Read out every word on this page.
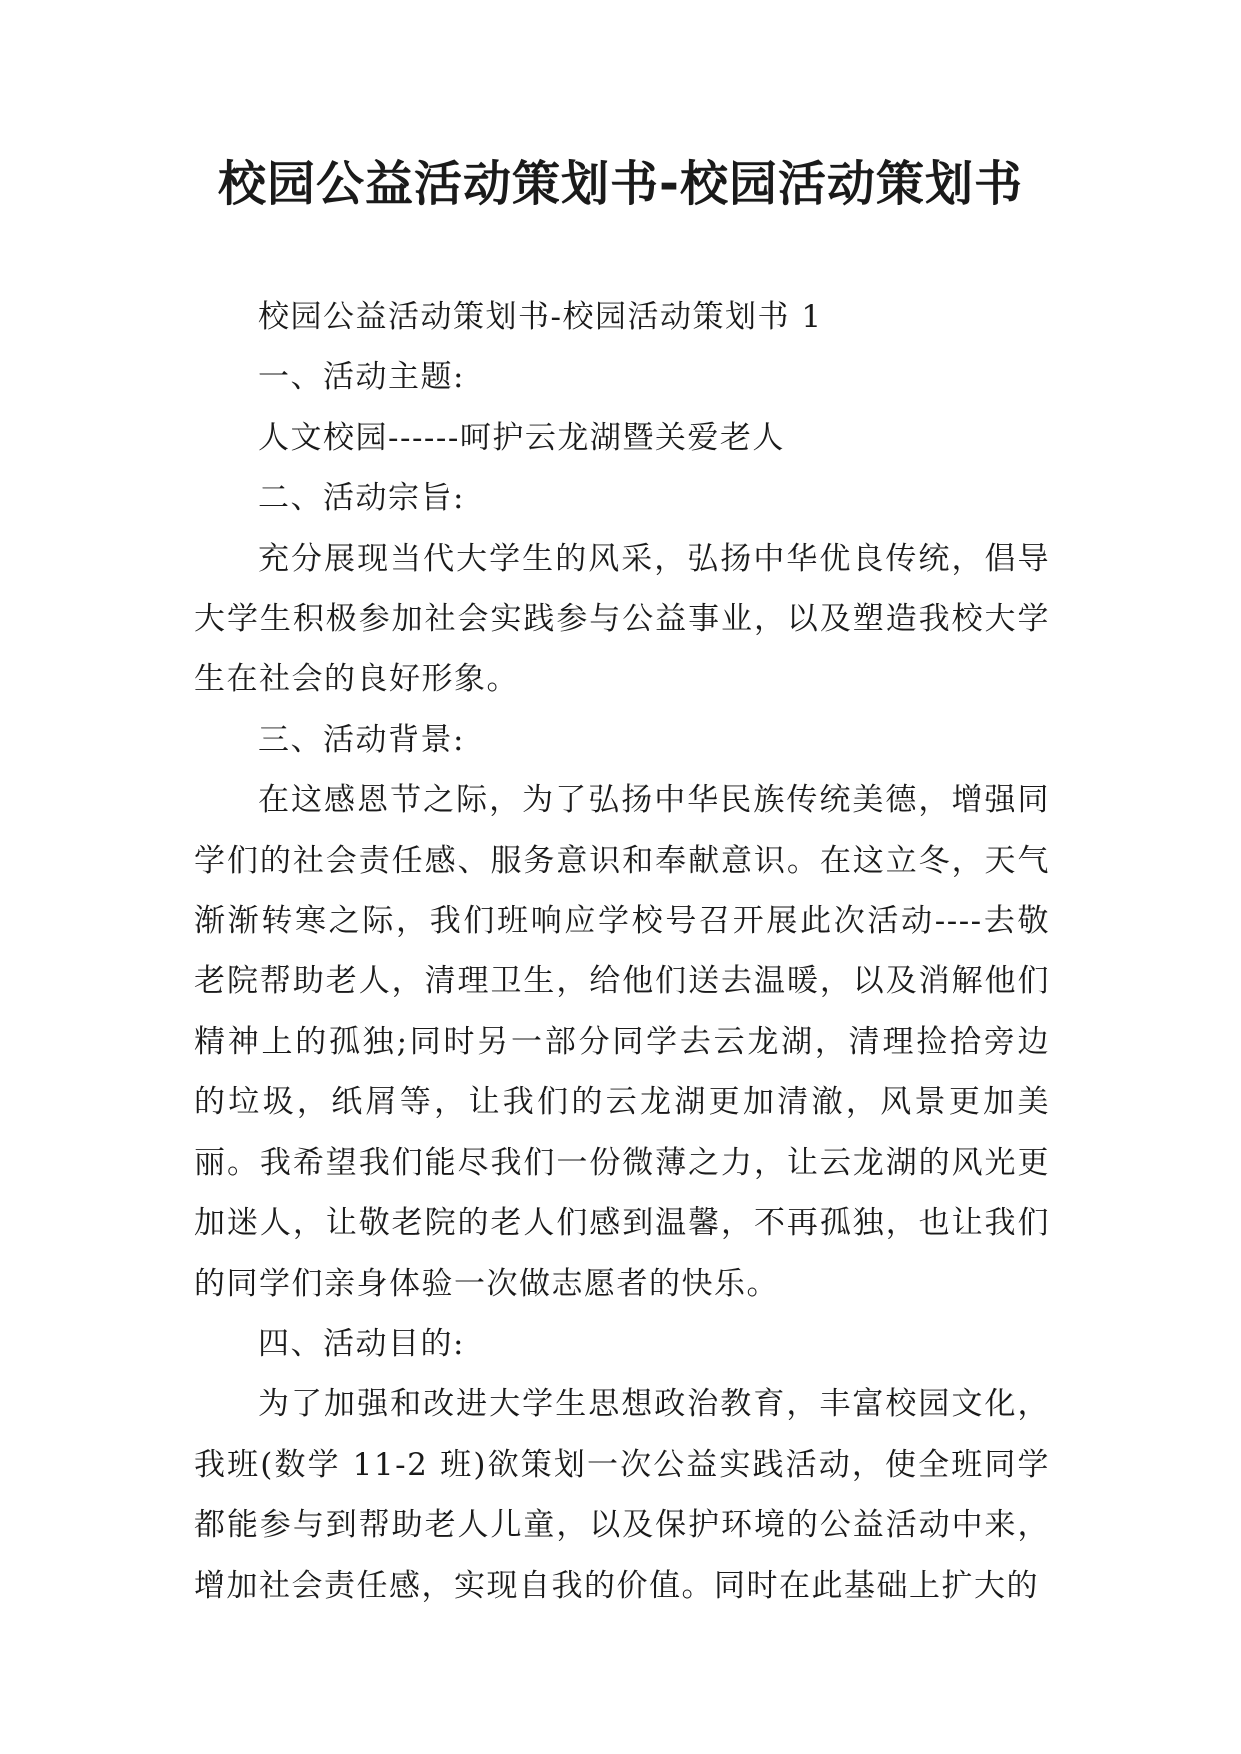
校园公益活动策划书-校园活动策划书

校园公益活动策划书-校园活动策划书 1

一、活动主题:

人文校园------呵护云龙湖暨关爱老人

二、活动宗旨:

充分展现当代大学生的风采，弘扬中华优良传统，倡导大学生积极参加社会实践参与公益事业，以及塑造我校大学生在社会的良好形象。

三、活动背景:

在这感恩节之际，为了弘扬中华民族传统美德，增强同学们的社会责任感、服务意识和奉献意识。在这立冬，天气渐渐转寒之际，我们班响应学校号召开展此次活动----去敬老院帮助老人，清理卫生，给他们送去温暖，以及消解他们精神上的孤独;同时另一部分同学去云龙湖，清理捡拾旁边的垃圾，纸屑等，让我们的云龙湖更加清澈，风景更加美丽。我希望我们能尽我们一份微薄之力，让云龙湖的风光更加迷人，让敬老院的老人们感到温馨，不再孤独，也让我们的同学们亲身体验一次做志愿者的快乐。

四、活动目的:

为了加强和改进大学生思想政治教育，丰富校园文化，我班(数学 11-2 班)欲策划一次公益实践活动，使全班同学都能参与到帮助老人儿童，以及保护环境的公益活动中来，增加社会责任感，实现自我的价值。同时在此基础上扩大的
